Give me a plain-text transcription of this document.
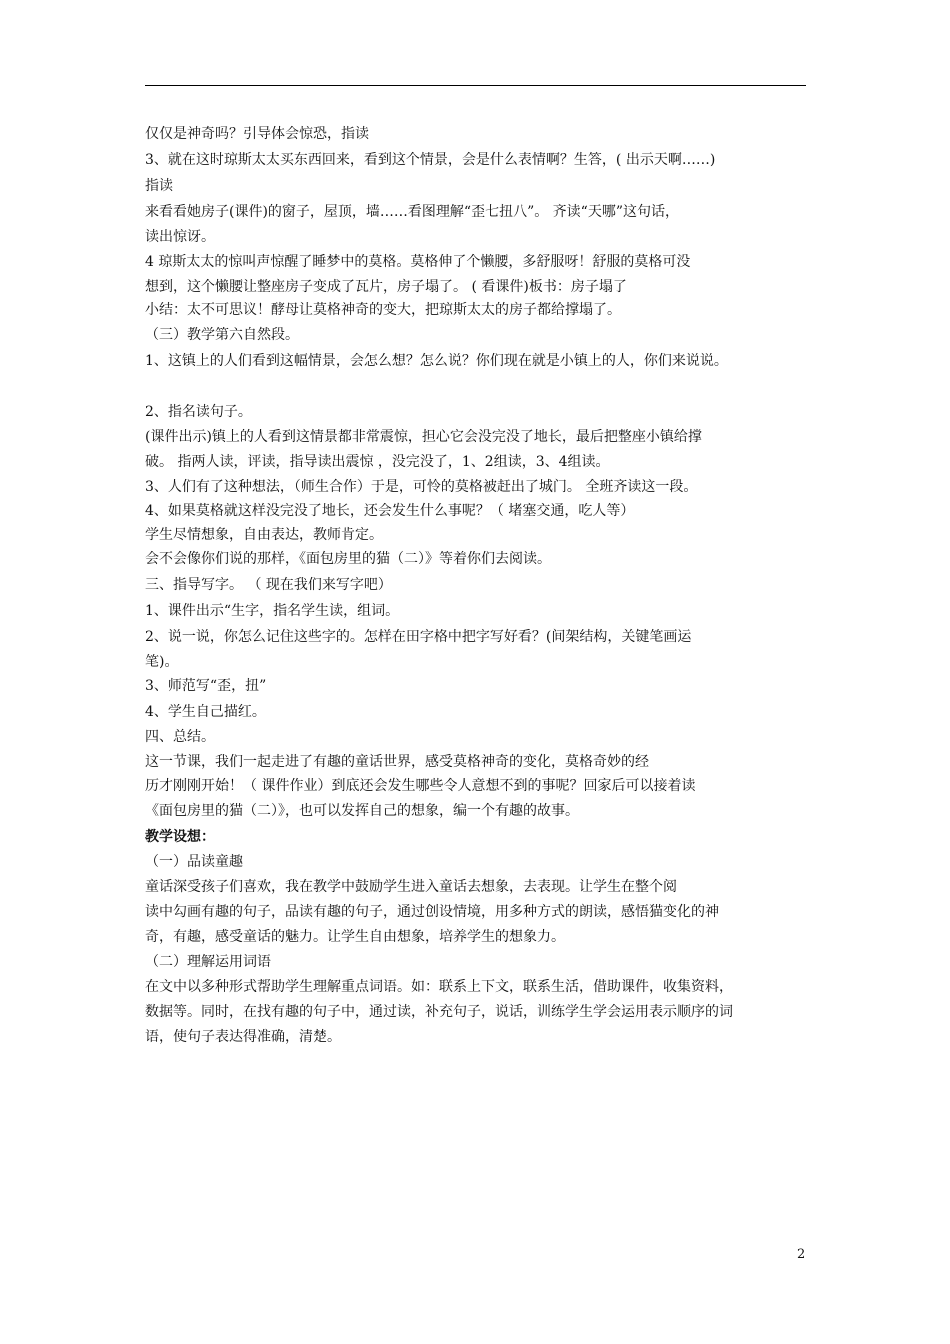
仅仅是神奇吗？引导体会惊恐，指读
3、就在这时琼斯太太买东西回来，看到这个情景，会是什么表情啊？生答，( 出示天啊……)
指读
来看看她房子(课件)的窗子，屋顶，墙……看图理解“歪七扭八”。 齐读“天哪”这句话，
读出惊讶。
4 琼斯太太的惊叫声惊醒了睡梦中的莫格。莫格伸了个懒腰，多舒服呀！舒服的莫格可没
想到，这个懒腰让整座房子变成了瓦片，房子塌了。 ( 看课件)板书：房子塌了
小结：太不可思议！酵母让莫格神奇的变大，把琼斯太太的房子都给撑塌了。
（三）教学第六自然段。
1、这镇上的人们看到这幅情景，会怎么想？怎么说？你们现在就是小镇上的人，你们来说说。
2、指名读句子。
(课件出示)镇上的人看到这情景都非常震惊，担心它会没完没了地长，最后把整座小镇给撑
破。 指两人读，评读，指导读出震惊 ，没完没了，1、2组读，3、4组读。
3、人们有了这种想法，（师生合作）于是，可怜的莫格被赶出了城门。 全班齐读这一段。
4、如果莫格就这样没完没了地长，还会发生什么事呢？（ 堵塞交通，吃人等）
学生尽情想象，自由表达，教师肯定。
会不会像你们说的那样，《面包房里的猫（二）》等着你们去阅读。
三、指导写字。 （ 现在我们来写字吧）
1、课件出示“生字，指名学生读，组词。
2、说一说，你怎么记住这些字的。怎样在田字格中把字写好看？(间架结构，关键笔画运
笔)。
3、师范写“歪，扭”
4、学生自己描红。
四、总结。
这一节课，我们一起走进了有趣的童话世界，感受莫格神奇的变化，莫格奇妙的经
历才刚刚开始！（ 课件作业）到底还会发生哪些令人意想不到的事呢？回家后可以接着读
《面包房里的猫（二）》，也可以发挥自己的想象，编一个有趣的故事。
教学设想：
（一）品读童趣
童话深受孩子们喜欢，我在教学中鼓励学生进入童话去想象，去表现。让学生在整个阅
读中勾画有趣的句子，品读有趣的句子，通过创设情境，用多种方式的朗读，感悟猫变化的神
奇，有趣，感受童话的魅力。让学生自由想象，培养学生的想象力。
（二）理解运用词语
在文中以多种形式帮助学生理解重点词语。如：联系上下文，联系生活，借助课件，收集资料，
数据等。同时，在找有趣的句子中，通过读，补充句子，说话，训练学生学会运用表示顺序的词
语，使句子表达得准确，清楚。
2
